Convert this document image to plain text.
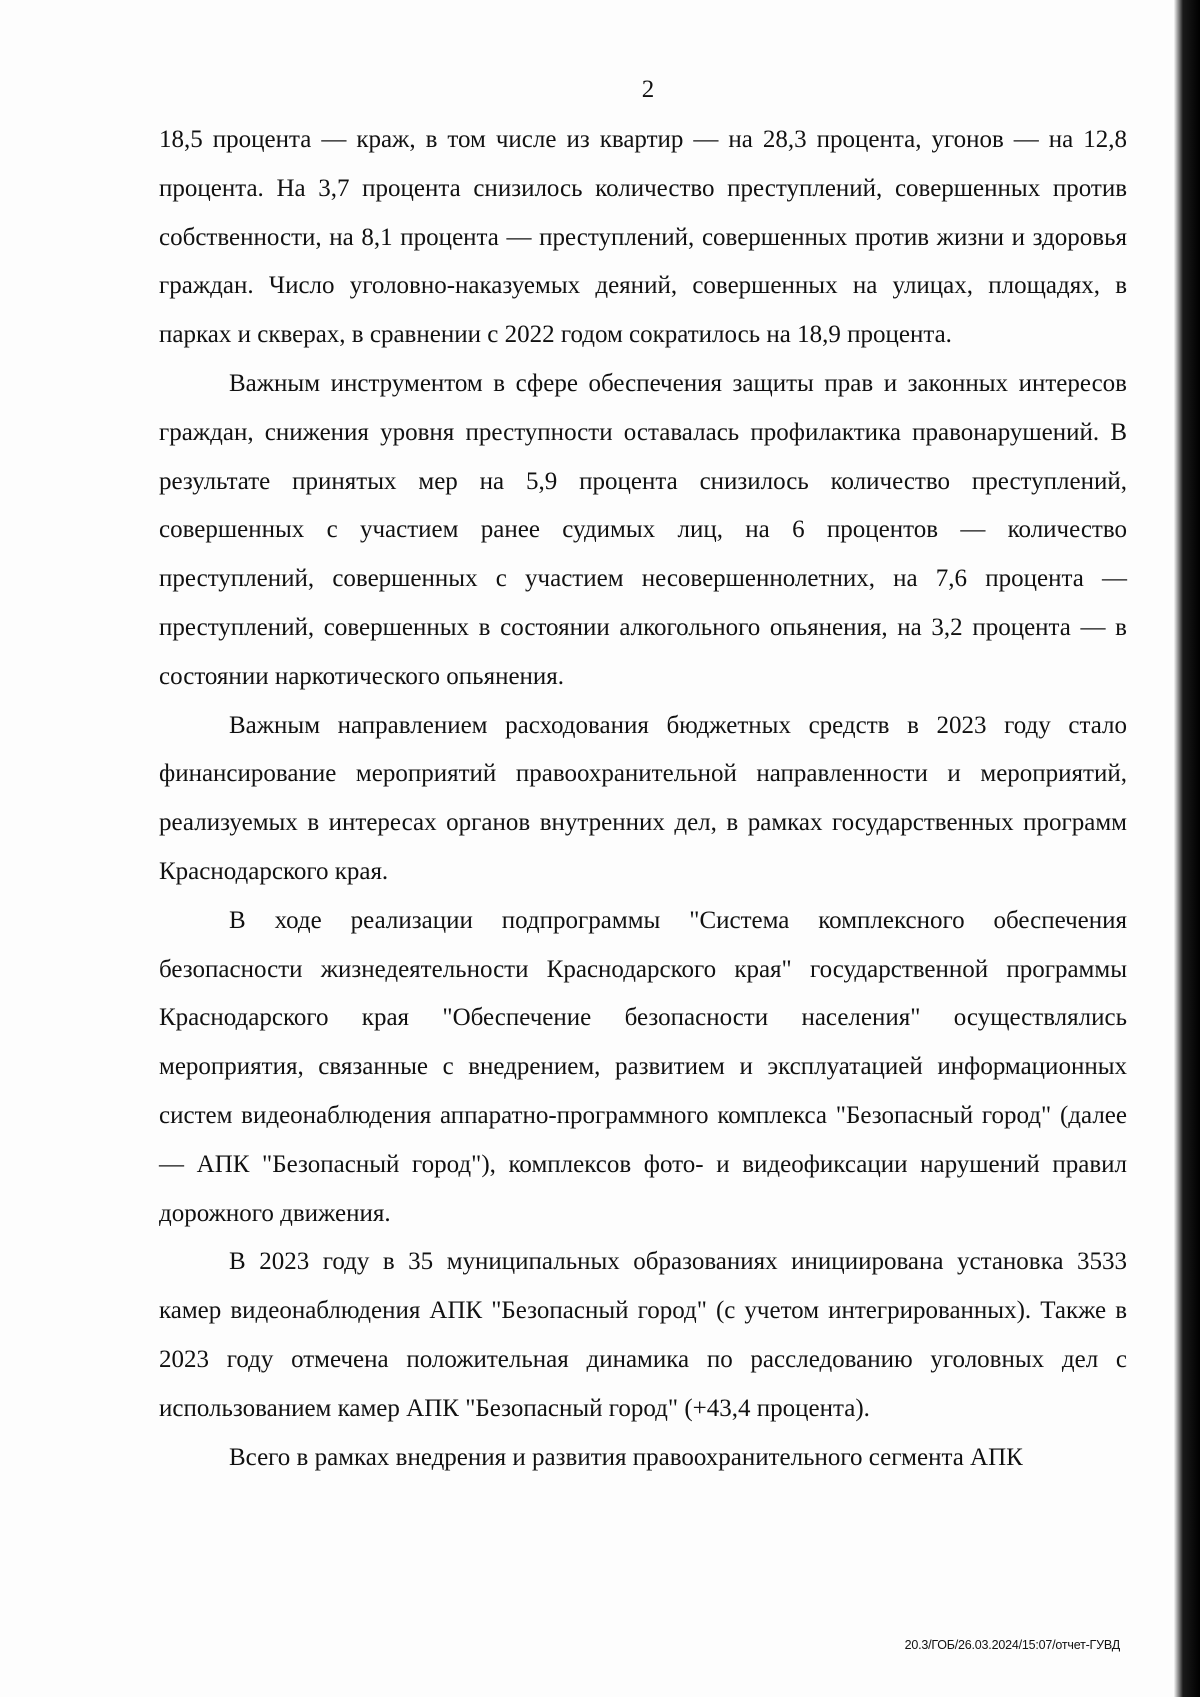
2

18,5 процента — краж, в том числе из квартир — на 28,3 процента, угонов — на 12,8 процента. На 3,7 процента снизилось количество преступлений, совершенных против собственности, на 8,1 процента — преступлений, совершенных против жизни и здоровья граждан. Число уголовно-наказуемых деяний, совершенных на улицах, площадях, в парках и скверах, в сравнении с 2022 годом сократилось на 18,9 процента.

Важным инструментом в сфере обеспечения защиты прав и законных интересов граждан, снижения уровня преступности оставалась профилактика правонарушений. В результате принятых мер на 5,9 процента снизилось количество преступлений, совершенных с участием ранее судимых лиц, на 6 процентов — количество преступлений, совершенных с участием несовершеннолетних, на 7,6 процента — преступлений, совершенных в состоянии алкогольного опьянения, на 3,2 процента — в состоянии наркотического опьянения.

Важным направлением расходования бюджетных средств в 2023 году стало финансирование мероприятий правоохранительной направленности и мероприятий, реализуемых в интересах органов внутренних дел, в рамках государственных программ Краснодарского края.

В ходе реализации подпрограммы "Система комплексного обеспечения безопасности жизнедеятельности Краснодарского края" государственной программы Краснодарского края "Обеспечение безопасности населения" осуществлялись мероприятия, связанные с внедрением, развитием и эксплуатацией информационных систем видеонаблюдения аппаратно-программного комплекса "Безопасный город" (далее — АПК "Безопасный город"), комплексов фото- и видеофиксации нарушений правил дорожного движения.

В 2023 году в 35 муниципальных образованиях инициирована установка 3533 камер видеонаблюдения АПК "Безопасный город" (с учетом интегрированных). Также в 2023 году отмечена положительная динамика по расследованию уголовных дел с использованием камер АПК "Безопасный город" (+43,4 процента).

Всего в рамках внедрения и развития правоохранительного сегмента АПК

20.3/ГОБ/26.03.2024/15:07/отчет-ГУВД
